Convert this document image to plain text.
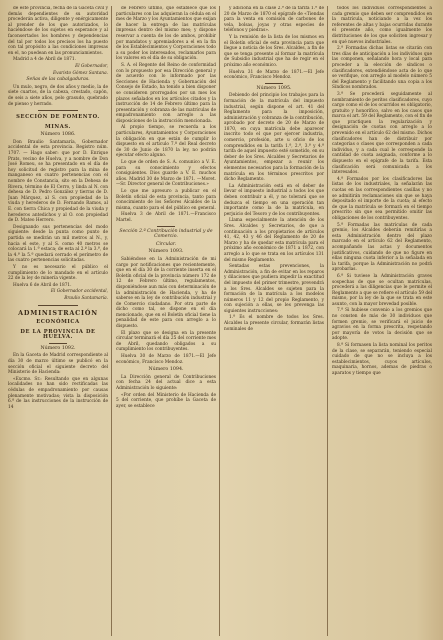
de este provincia, fecha de la Gaceta civil y demás dependientes de su autoridad procederán activa, diligente y enérgicamente al prender de los que autorizados, lo haciéndose de los sujetos en esperance y al faconsertados los hombres y dependencias del tal por todos los precisos los ha puesto con tal propósito a las condiciones impresas en el, no puedean en las pronunciamientos.

Madrid a 4 de Abril de 1871.

El Gobernador,
Evaristo Gómez Santana.
Señas de las cabalgaduras.

Un mulo, negro, de dos años y medio, la de siete cuartos, de la cabeza, crestado, capón, de seis a siete años, pelo grasudo, quebrado de pienso y herrado.

SECCIÓN DE FOMENTO.
MINAS.
Número 1086.

Don Braulio Santamaría, Gobernador accidental de esta provincia. Registro núm. 1707. — Hago saber: que por D. Enrique Prats, vecino de Huelva, y a nombre de Don José Romeu, se ha presentado en el día de hoy solicitud de registro para la mina de manganeso en cuatro pertenencias con el nombre de Constancia, sito en la Dehesa de Rivera, término de El Cerro, y linda al N. con dehesa de D. Pedro González y tierras de D. Juan Márquez, al S. con propiedad de la viuda y herederos de D. Fernando Ramos, al E. con tierra Chica y propiedad de la viuda y herederos antedichos y al O. con propiedad de D. Mateo Herrero.

Designando sus pertenencias del modo siguiente: desde la punta como punto de partida se medirán un mil metros al N., y, hacia el este, y al S. como 40 metros se colocará la 1.ª estaca; de esta al 2.º la 3.ª, de la 4.ª la 5.ª quedará cerrado el perímetro de las cuatro pertenencias solicitadas.

Y no es necesario el público el cumplimiento de lo mandado en el artículo 22 de la ley de minería vigente.

Huelva 6 de Abril de 1871.

El Gobernador accidental,
Braulio Santamaría.
ADMINISTRACIÓN
ECONÓMICA
DE LA PROVINCIA DE HUELVA.
Número 1092.

En la Gaceta de Madrid correspondiente al día 30 de marzo último se publicó en la sección oficial el siguiente decreto del Ministerio de Hacienda:

«Excmo. Sr.: Resultando que en algunas localidades no han sido rectificadas las cédulas de empadronamiento por causas plenamente motivadas; vista la disposición 6.ª de las instrucciones de la instrucción de 14

de Febrero último, que establece que los particulares con las adquieran la cédula en el mes de Marzo y los Ayuntamientos que exijan de hacer la entrega de las matrículas impresas dentro del mismo mes; y dispone reservar a cuenta de los de ambos, prohibir por mandatos y apremiadores a el en la fin de los Establecimientos y Corporaciones todo a su poder los interesados, reclamarlos para los valores en el día de su obligación.

S. A. el Regente del Reino de conformidad con lo propuesto por esa Dirección general y de acuerdo con lo informado por las Secciones de Hacienda y Gobernación del Consejo de Estado, ha tenido a bien disponer se consideren prorrogados por un mes los plazos señalados en los artículos citados y la instrucción de 14 de Febrero último para la presentación y cobranza de las matrículas de empadronamiento con arreglo a las disposiciones de la instrucción mencionada.

Al propio tiempo, se recuerda a los particulares, Ayuntamientos y Corporaciones la obligación en que están de cumplir lo dispuesto en el artículo 7.º del Real decreto de 30 de Junio de 1870 la ley, no podrán ejecutar efecto alguno.

Lo que de orden de S. A. comunico a V. E. para su conocimiento y efectos consiguientes. Dios guarde a V. E. muchos años. Madrid 30 de Marzo de 1871. —Moret.—Sr. Director general de Contribuciones.»

Lo que me apresuro a publicar en el Boletín oficial de esta provincia, tanto para conocimiento de los Señores Alcaldes de la misma, cuanto para el del público en general.

Huelva 3 de Abril de 1871.—Francisco Martel.

Sección 2.ª Contribución industrial y de Comercio.
Circular.
Número 1093.

Sabiéndose en la Administración de mi cargo por notificaciones que recientemente, que en el día 30 de la corriente inserta en el Boletín oficial de la provincia número 172 de 12 de Febrero último, regulamentos, disponiéndose aun más con determinación de la administración de Hacienda, y ha de saberse en la ley de contribución industrial y de Comercio ciudadano. Por otra parte de dicho como tal, se dispone en el día mencionado, que en el Boletín oficial tiene la penalidad de este para con arreglo a lo dispuesto.

El plazo que se designa en la presente circular terminará el día 25 del corriente mes de Abril, quedando obligados a su cumplimiento los contribuyentes.

Huelva 30 de Marzo de 1871.—El Jefe económico, Francisco Mendoz.

Número 1094.

La Dirección general de Contribuciones con fecha 24 del actual dice a esta Administración lo siguiente:

«Por orden del Ministerio de Hacienda de 5 del corriente, que prohíbe la Gaceta de ayer, se establece

y adiciona en la clase 2.ª de la tarifa 1.ª de 20 de Marzo de 1870 el epígrafe de «Tiendas para la venta en comisión de carbones de vela, bolsas, joyas y otras especies de teléfonos y piedras».

Y la remisión de la lista de los mismos en el Boletín oficial de esta provincia para que llegue a noticia de los Sres. Alcaldes, a fin de que se tenga presente al formar la matrícula de Subsidio industrial que ha de regir en el próximo año económico.

Huelva 31 de Marzo de 1871.—El Jefe económico, Francisco Mendoz.

Número 1095.

Debiendo del principio los trabajos para la formación de la matrícula del impuesto industrial, según dispone el art. 41 del Reglamento para la imposición, administración y cobranza de la contribución, aprobado por decreto de 20 de Marzo de 1870, en cuya matrícula debe aparecer inscrito todo el que por ejercer industria, comercio, profesión, arte u oficio de los comprendidos en la tarifa 1.ª, 2.ª, 3.ª y 4.ª tarifa de aquel impuesto esté sometido, en su deber de los Sres. Alcaldes y Secretarios de Ayuntamientos, empezar a reunir los elementos necesarios para la formación de la matrícula en los términos prescritos por dicho Reglamento.

La Administración está en el deber de llevar el impuesto industrial a todos los que deben contribuir a él, y no tolerará que se deduzca el tiempo en una operación tan importante como la de la matrícula, en perjuicio del Tesoro y de los contribuyentes.

Llama especialmente la atención de los Sres. Alcaldes y Secretarios, de que a continuación a los propietarios de artículos 41, 42, 43 y 46 del Reglamento de 20 de Marzo y ha de quedar esta matrícula para el próximo año económico de 1871 a 1872, con arreglo a lo que se trata en los artículos 131 del mismo Reglamento.

Sentadas estas prevenciones, la Administración, a fin de evitar en los reparos y dilaciones que pudiera impedir la exactitud del impuesto del primer trimestre, prevendrá a los Sres. Alcaldes se sujeten para la formación de la matrícula a los modelos números 11 y 12 del propio Reglamento, y con sujeción a ellas, se les prevenga las siguientes instrucciones:

1.ª Es el nombre de todos los Sres. Alcaldes la presente circular, formarán listas nominales de

todos los individuos correspondientes a cada gremio que deben ser comprendidos en la matrícula, noticiando a la vez los referentes de altas y bajas ocurridas durante el presente año, como igualmente los distrituciones de los que soliciten ingresar y en qué nuevos industriales.

2.ª Formadas dichas listas se citarán con tres días de anticipación a los individuos que las componen, señalando hora y local para proceder a la elección de síndicos o clasificadores, extendiéndose acta de lo que se verifique, con arreglo al modelo número 5 del Reglamento y facilitando una copia a los Síndicos nombrados.

3.ª Se procederá seguidamente al nombramiento de peritos clasificadores, cuyo cargo como el de los ocurridos es obligatorio, gratuito y honorífico, salvo en los casos que marca el art. 59 del Reglamento, con el fin de que practiquen la regularización y designación de cuotas con arreglo a lo prevenido en el artículo 62 del mismo. Dichos clasificadores han de distribuir por categorías o clases que corresponden a cada individuo, y a cada cual le corresponde la cantidad de cuota asignada, conforme a lo dispuesto en el epígrafe de la tarifa. Esta clasificación será comunicada a los interesados.

4.ª Formados por los clasificadores las listas de los industriales, la señalarán las cuotas en las correspondientes casillas y no se admitirán reclamaciones sin que se haya depositado el importe de la cuota; al efecto de que la matrícula se formará en el tiempo prescrito sin que sea permitido omitir las obligaciones de los contribuyentes.

5.ª Formadas las matrículas de cada gremio, los Alcaldes deberán remitirlas a esta Administración dentro del plazo marcado en el artículo 62 del Reglamento, acompañando las actas y documentos justificativos, cuidando de que no figure en ellas ninguna cuota inferior a la señalada en la tarifa, porque la Administración no podrá aprobarlas.

6.ª Si tuviese la Administración graves sospechas de que se ocultan matrículas, procederá a las diligencias que le permite el Reglamento a que se refiere el artículo 59 del mismo, por la ley de la que se trata en este asunto, con la mayor brevedad posible.

7.ª Si hubiese convenio a los gremios que no consten de más de 30 individuos que formen gremio, se verificará el juicio de agravios en la forma prescrita, respetando por mayoría de votos la decisión que se adopte.

8.ª Si formasen la lista nominal los peritos de la clase, se separarán, teniendo especial cuidado de que no se incluya a los establecimientos, cuyos artículos, maquinaria, hornos, ademas de piedras o aparatos y tiempo que
